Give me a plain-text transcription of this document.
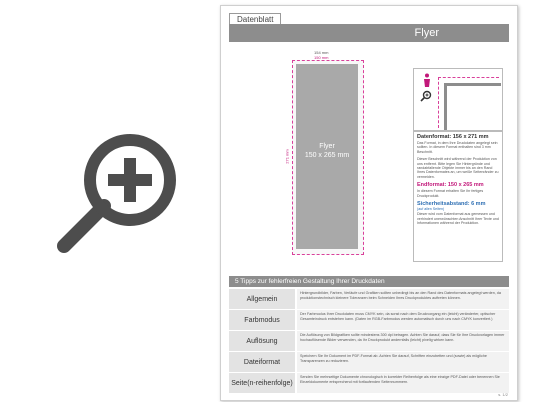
Datenblatt
Flyer
154 mm
150 mm
271 mm
Flyer
150 x 265 mm
Datenformat: 156 x 271 mm
Das Format, in dem Ihre Druckdaten angelegt sein sollten. In diesem Format enthalten sind 3 mm Beschnitt.
Dieser Beschnitt wird während der Produktion von uns entfernt. Bitte legen Sie Hintergründe und randabfallende Objekte immer bis an den Rand Ihres Datenformates an, um weiße Seitenränder zu vermeiden.
Endformat: 150 x 265 mm
In diesem Format erhalten Sie Ihr fertiges Druckprodukt.
Sicherheitsabstand: 6 mm
(auf allen Seiten)
Dieser wird vom Datenformat aus gemessen und verhindert unerwünschten Anschnitt Ihrer Texte und Informationen während der Produktion.
5 Tipps zur fehlerfreien Gestaltung Ihrer Druckdaten
Allgemein
Hintergrundbilder, Farben, Verläufe und Grafiken sollten unbedingt bis an den Rand des Datenformats angelegt werden, da produktionstechnisch kleinere Toleranzen beim Schneiden Ihres Druckproduktes auftreten können.
Farbmodus
Der Farbmodus Ihrer Druckdaten muss CMYK sein, da sonst nach dem Druckvorgang ein (leicht) veränderter, optischer Gesamteindruck entstehen kann. (Daten im RGB-Farbmodus werden automatisch durch uns nach CMYK konvertiert.)
Auflösung
Die Auflösung von Bildgrafiken sollte mindestens 300 dpi betragen. Achten Sie darauf, dass Sie für Ihre Druckvorlagen immer hochauflösende Bilder verwenden, da Ihr Druckprodukt andernfalls (leicht) pixelig wirken kann.
Dateiformat
Speichern Sie Ihr Dokument im PDF-Format ab. Achten Sie darauf, Schriften einzubetten und (sowie) als mögliche Transparenzen zu reduzieren.
Seite(n-reihenfolge)
Senden Sie mehrseitige Dokumente chronologisch in korrekter Reihenfolge als eine einzige PDF-Datei oder benennen Sie Einzeldokumente entsprechend mit fortlaufenden Seitennummern.
s. 1/2
